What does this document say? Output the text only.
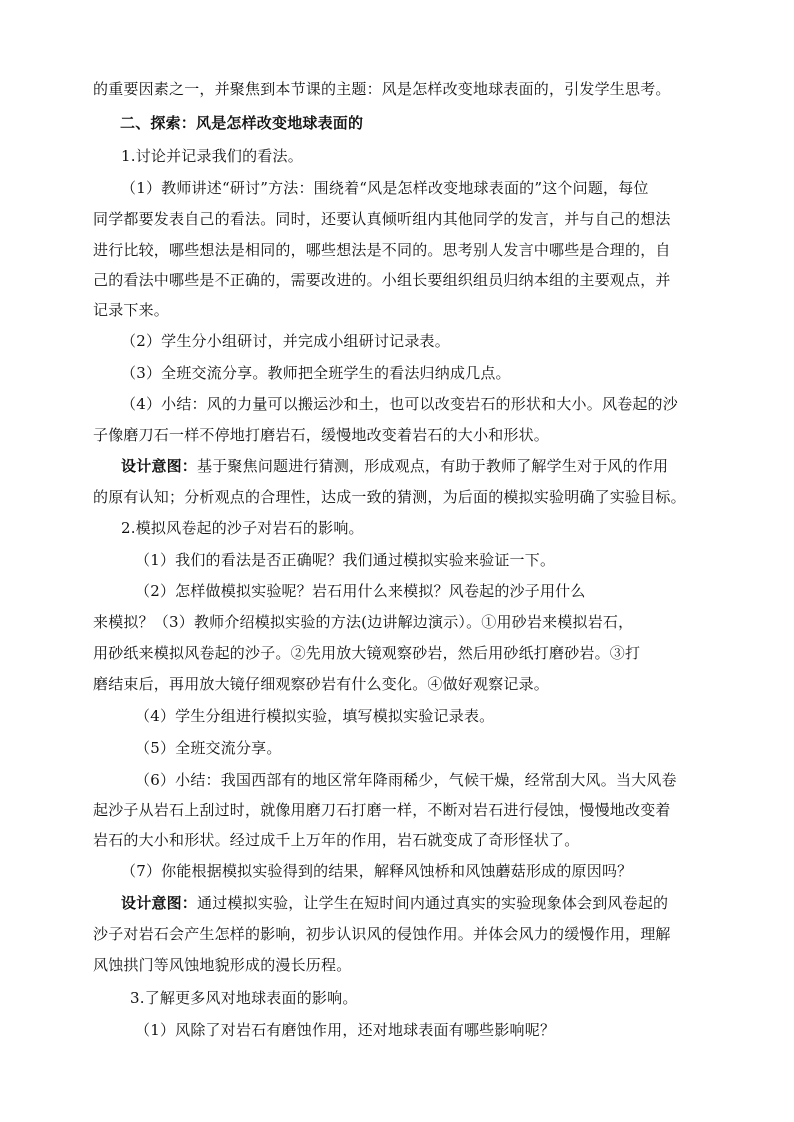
的重要因素之一，并聚焦到本节课的主题：风是怎样改变地球表面的，引发学生思考。
二、探索：风是怎样改变地球表面的
1.讨论并记录我们的看法。
（1）教师讲述“研讨”方法：围绕着“风是怎样改变地球表面的”这个问题，每位
同学都要发表自己的看法。同时，还要认真倾听组内其他同学的发言，并与自己的想法
进行比较，哪些想法是相同的，哪些想法是不同的。思考别人发言中哪些是合理的，自
己的看法中哪些是不正确的，需要改进的。小组长要组织组员归纳本组的主要观点，并
记录下来。
（2）学生分小组研讨，并完成小组研讨记录表。
（3）全班交流分享。教师把全班学生的看法归纳成几点。
（4）小结：风的力量可以搬运沙和土，也可以改变岩石的形状和大小。风卷起的沙
子像磨刀石一样不停地打磨岩石，缓慢地改变着岩石的大小和形状。
设计意图：基于聚焦问题进行猜测，形成观点，有助于教师了解学生对于风的作用
的原有认知；分析观点的合理性，达成一致的猜测，为后面的模拟实验明确了实验目标。
2.模拟风卷起的沙子对岩石的影响。
（1）我们的看法是否正确呢？我们通过模拟实验来验证一下。
（2）怎样做模拟实验呢？岩石用什么来模拟？风卷起的沙子用什么
来模拟？（3）教师介绍模拟实验的方法(边讲解边演示）。①用砂岩来模拟岩石，
用砂纸来模拟风卷起的沙子。②先用放大镜观察砂岩，然后用砂纸打磨砂岩。③打
磨结束后，再用放大镜仔细观察砂岩有什么变化。④做好观察记录。
（4）学生分组进行模拟实验，填写模拟实验记录表。
（5）全班交流分享。
（6）小结：我国西部有的地区常年降雨稀少，气候干燥，经常刮大风。当大风卷
起沙子从岩石上刮过时，就像用磨刀石打磨一样，不断对岩石进行侵蚀，慢慢地改变着
岩石的大小和形状。经过成千上万年的作用，岩石就变成了奇形怪状了。
（7）你能根据模拟实验得到的结果，解释风蚀桥和风蚀蘑菇形成的原因吗？
设计意图：通过模拟实验，让学生在短时间内通过真实的实验现象体会到风卷起的
沙子对岩石会产生怎样的影响，初步认识风的侵蚀作用。并体会风力的缓慢作用，理解
风蚀拱门等风蚀地貌形成的漫长历程。
3.了解更多风对地球表面的影响。
（1）风除了对岩石有磨蚀作用，还对地球表面有哪些影响呢？
